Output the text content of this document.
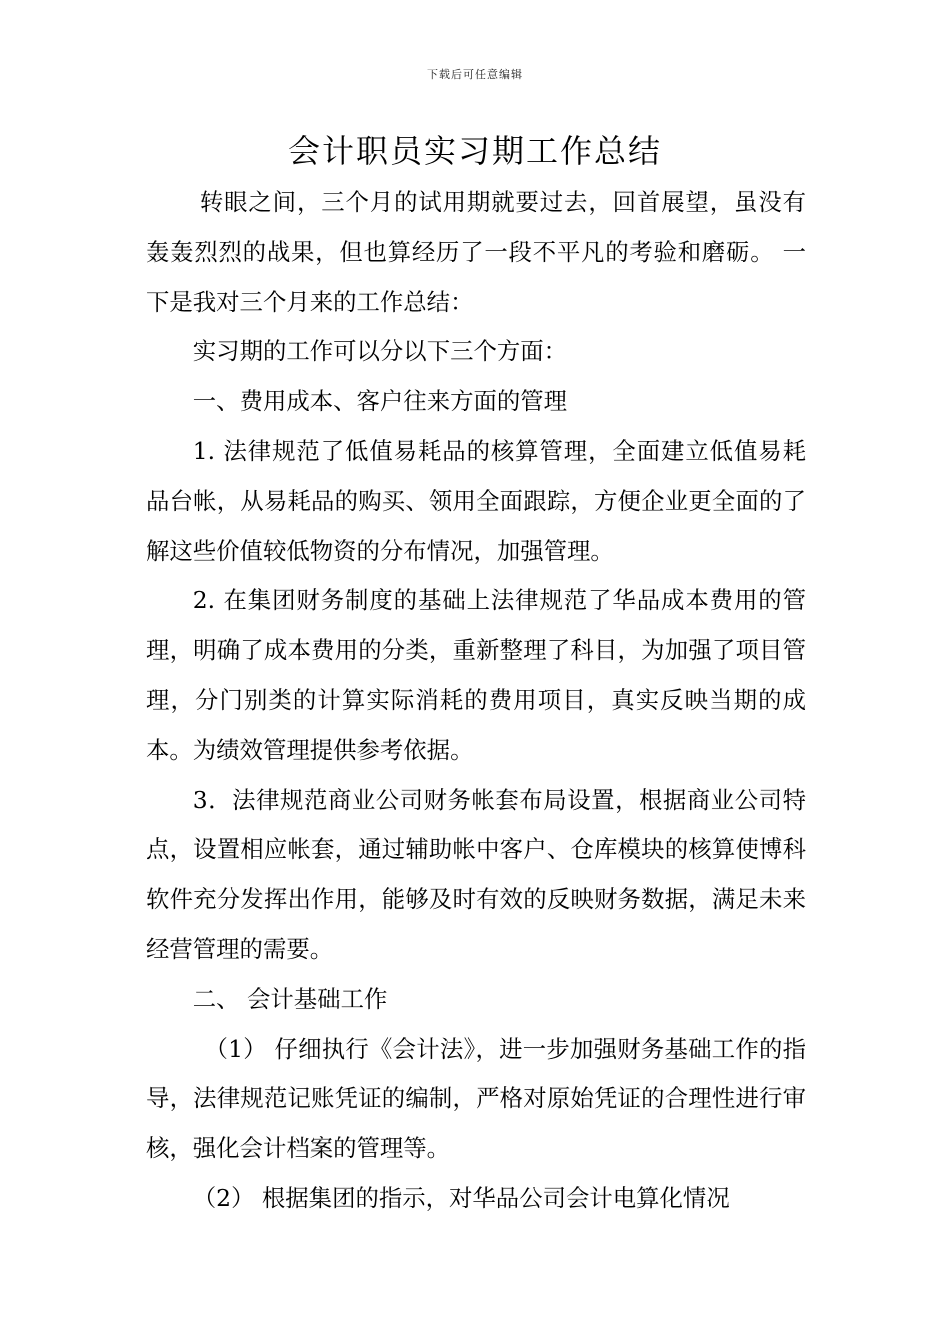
下载后可任意编辑
会计职员实习期工作总结

转眼之间，三个月的试用期就要过去，回首展望，虽没有轰轰烈烈的战果，但也算经历了一段不平凡的考验和磨砺。 一下是我对三个月来的工作总结：

实习期的工作可以分以下三个方面：

一、费用成本、客户往来方面的管理

1. 法律规范了低值易耗品的核算管理，全面建立低值易耗品台帐，从易耗品的购买、领用全面跟踪，方便企业更全面的了解这些价值较低物资的分布情况，加强管理。

2. 在集团财务制度的基础上法律规范了华品成本费用的管理，明确了成本费用的分类，重新整理了科目，为加强了项目管理，分门别类的计算实际消耗的费用项目，真实反映当期的成本。为绩效管理提供参考依据。

3．法律规范商业公司财务帐套布局设置，根据商业公司特点，设置相应帐套，通过辅助帐中客户、仓库模块的核算使博科软件充分发挥出作用，能够及时有效的反映财务数据，满足未来经营管理的需要。

二、 会计基础工作

（1） 仔细执行《会计法》，进一步加强财务基础工作的指导，法律规范记账凭证的编制，严格对原始凭证的合理性进行审核，强化会计档案的管理等。

（2） 根据集团的指示，对华品公司会计电算化情况
